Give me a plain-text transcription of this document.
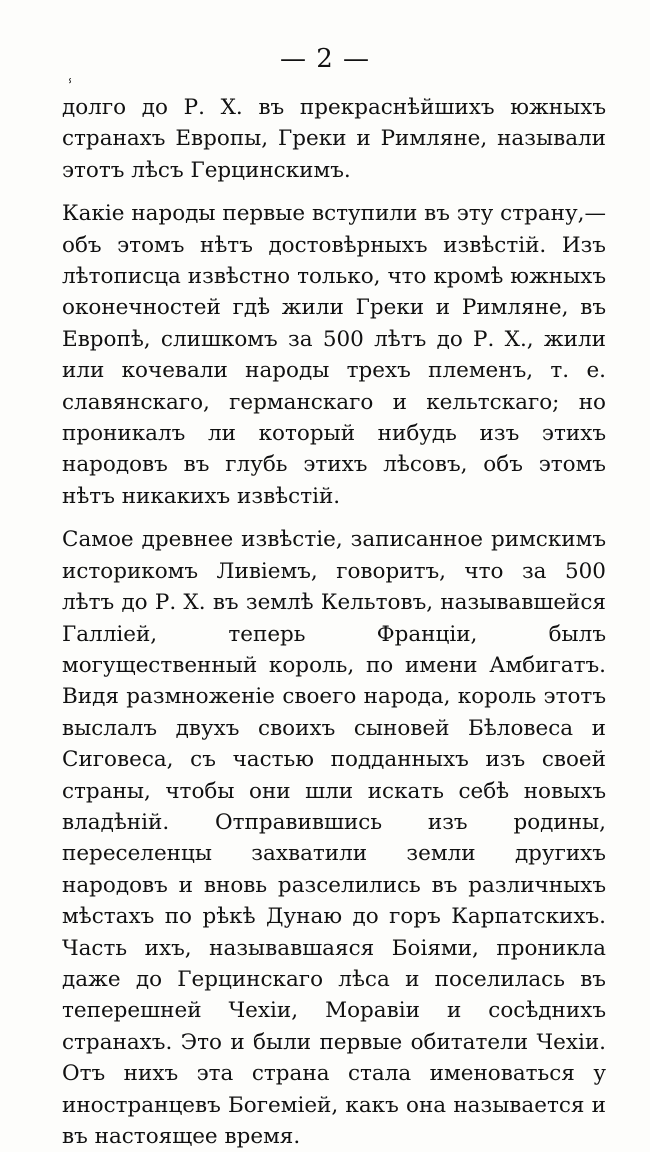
— 2 —
ⸯ

долго до Р. Х. въ прекраснѣйшихъ южныхъ странахъ Европы, Греки и Римляне, называли этотъ лѣсъ Герцинскимъ.

Какіе народы первые вступили въ эту страну,—объ этомъ нѣтъ достовѣрныхъ извѣстій. Изъ лѣтописца извѣстно только, что кромѣ южныхъ оконечностей гдѣ жили Греки и Римляне, въ Европѣ, слишкомъ за 500 лѣтъ до Р. Х., жили или кочевали народы трехъ племенъ, т. е. славянскаго, германскаго и кельтскаго; но проникалъ ли который нибудь изъ этихъ народовъ въ глубь этихъ лѣсовъ, объ этомъ нѣтъ никакихъ извѣстій.

Самое древнее извѣстіе, записанное римскимъ историкомъ Ливіемъ, говоритъ, что за 500 лѣтъ до Р. Х. въ землѣ Кельтовъ, называвшейся Галліей, теперь Франціи, былъ могущественный король, по имени Амбигатъ. Видя размноженіе своего народа, король этотъ выслалъ двухъ своихъ сыновей Бѣловеса и Сиговеса, съ частью подданныхъ изъ своей страны, чтобы они шли искать себѣ новыхъ владѣній. Отправившись изъ родины, переселенцы захватили земли другихъ народовъ и вновь разселились въ различныхъ мѣстахъ по рѣкѣ Дунаю до горъ Карпатскихъ. Часть ихъ, называвшаяся Боіями, проникла даже до Герцинскаго лѣса и поселилась въ теперешней Чехіи, Моравіи и сосѣднихъ странахъ. Это и были первые обитатели Чехіи. Отъ нихъ эта страна стала именоваться у иностранцевъ Богеміей, какъ она называется и въ настоящее время.
